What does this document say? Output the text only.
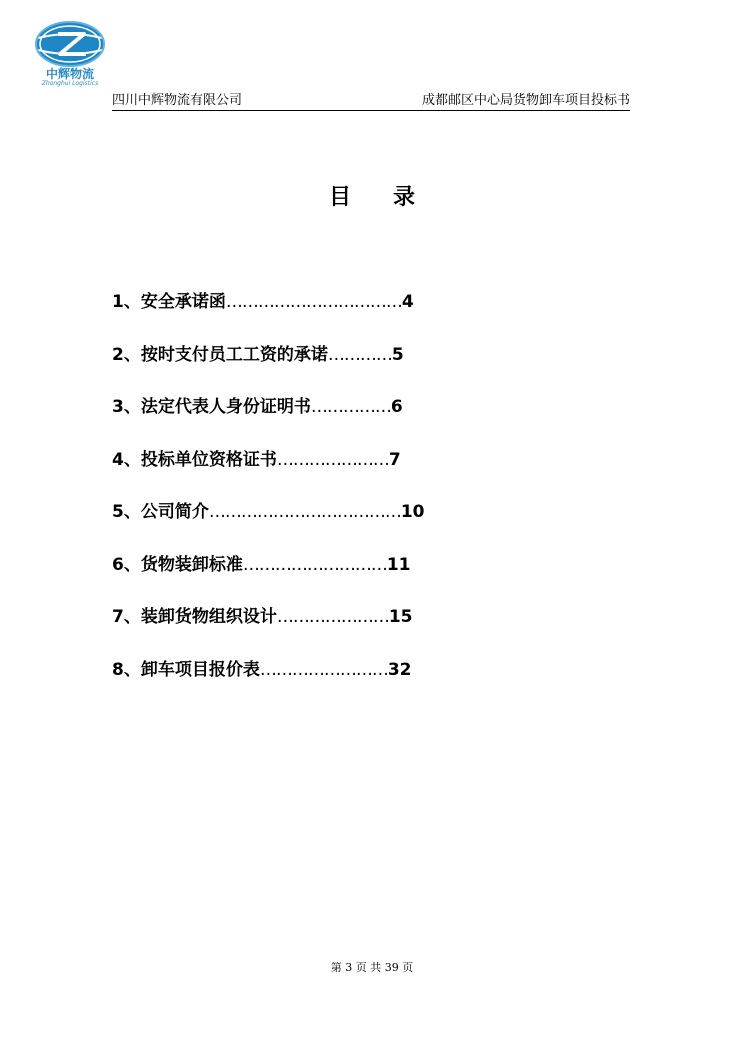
中辉物流
Zhonghui Logistics
四川中辉物流有限公司	成都邮区中心局货物卸车项目投标书
目 录
1、安全承诺函……………………………4
2、按时支付员工工资的承诺…………5
3、法定代表人身份证明书……………6
4、投标单位资格证书…………………7
5、公司简介………………………………10
6、货物装卸标准………………………11
7、装卸货物组织设计…………………15
8、卸车项目报价表……………………32
第 3 页 共 39 页
